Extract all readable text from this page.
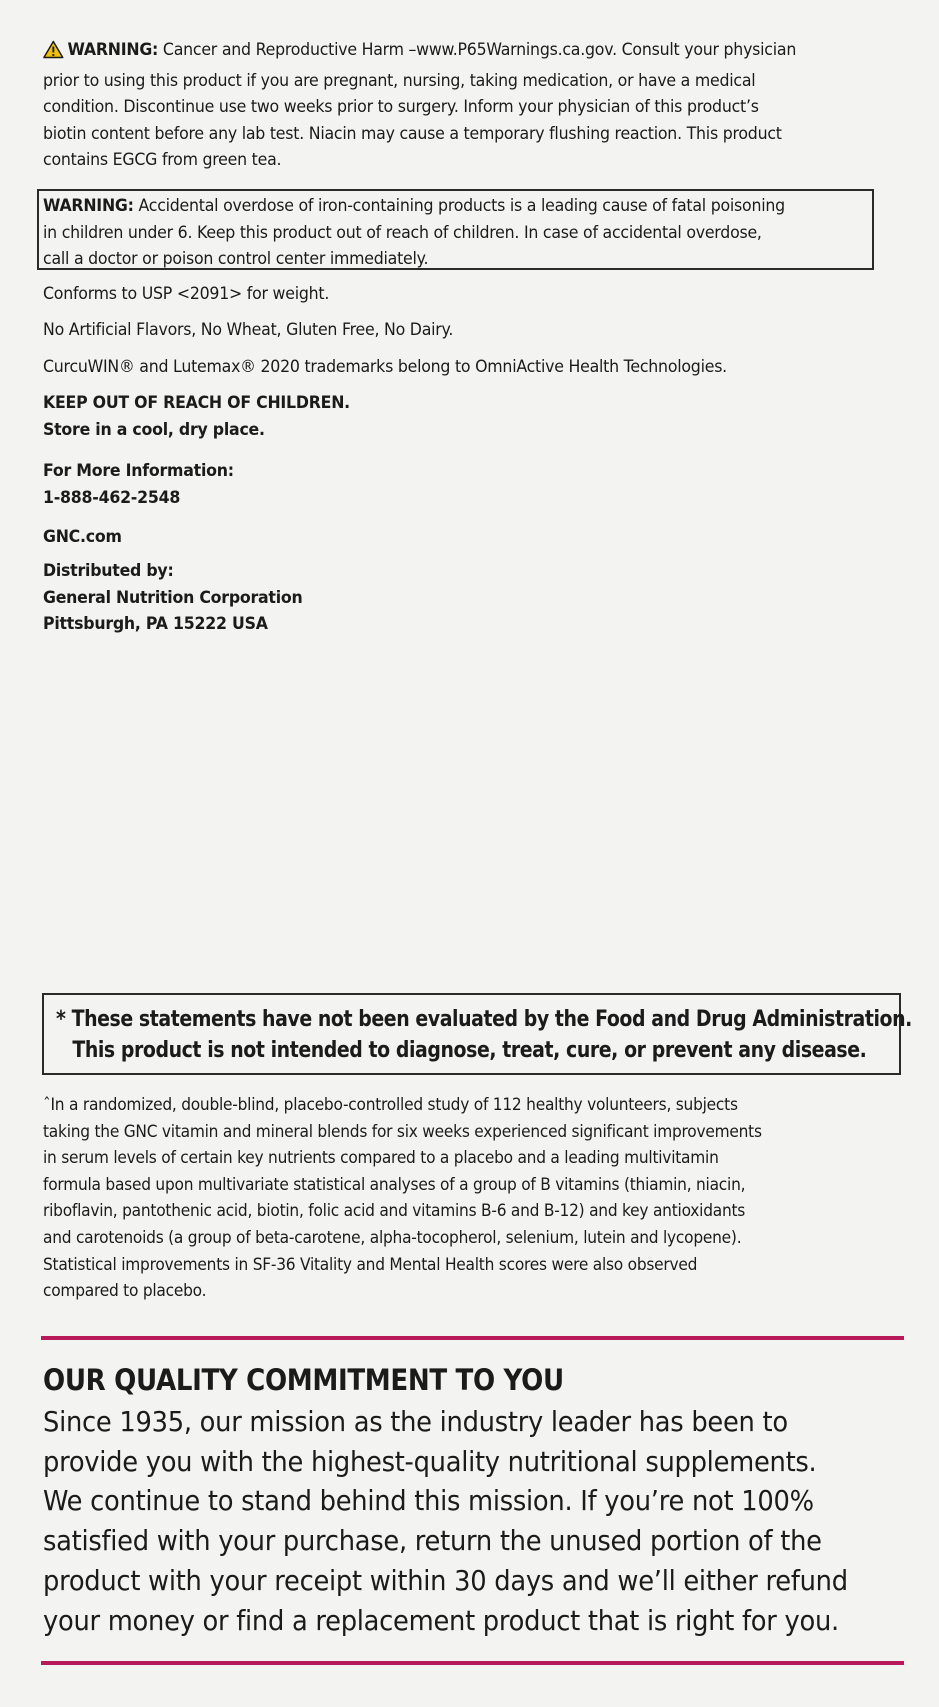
WARNING: Cancer and Reproductive Harm –www.P65Warnings.ca.gov. Consult your physician
prior to using this product if you are pregnant, nursing, taking medication, or have a medical
condition. Discontinue use two weeks prior to surgery. Inform your physician of this product’s
biotin content before any lab test. Niacin may cause a temporary flushing reaction. This product
contains EGCG from green tea.

WARNING: Accidental overdose of iron-containing products is a leading cause of fatal poisoning
in children under 6. Keep this product out of reach of children. In case of accidental overdose,
call a doctor or poison control center immediately.

Conforms to USP <2091> for weight.

No Artificial Flavors, No Wheat, Gluten Free, No Dairy.

CurcuWIN® and Lutemax® 2020 trademarks belong to OmniActive Health Technologies.

KEEP OUT OF REACH OF CHILDREN.
Store in a cool, dry place.

For More Information:
1-888-462-2548

GNC.com

Distributed by:
General Nutrition Corporation
Pittsburgh, PA 15222 USA

* These statements have not been evaluated by the Food and Drug Administration.
This product is not intended to diagnose, treat, cure, or prevent any disease.

ˆIn a randomized, double-blind, placebo-controlled study of 112 healthy volunteers, subjects
taking the GNC vitamin and mineral blends for six weeks experienced significant improvements
in serum levels of certain key nutrients compared to a placebo and a leading multivitamin
formula based upon multivariate statistical analyses of a group of B vitamins (thiamin, niacin,
riboflavin, pantothenic acid, biotin, folic acid and vitamins B-6 and B-12) and key antioxidants
and carotenoids (a group of beta-carotene, alpha-tocopherol, selenium, lutein and lycopene).
Statistical improvements in SF-36 Vitality and Mental Health scores were also observed
compared to placebo.

OUR QUALITY COMMITMENT TO YOU

Since 1935, our mission as the industry leader has been to
provide you with the highest-quality nutritional supplements.
We continue to stand behind this mission. If you’re not 100%
satisfied with your purchase, return the unused portion of the
product with your receipt within 30 days and we’ll either refund
your money or find a replacement product that is right for you.
